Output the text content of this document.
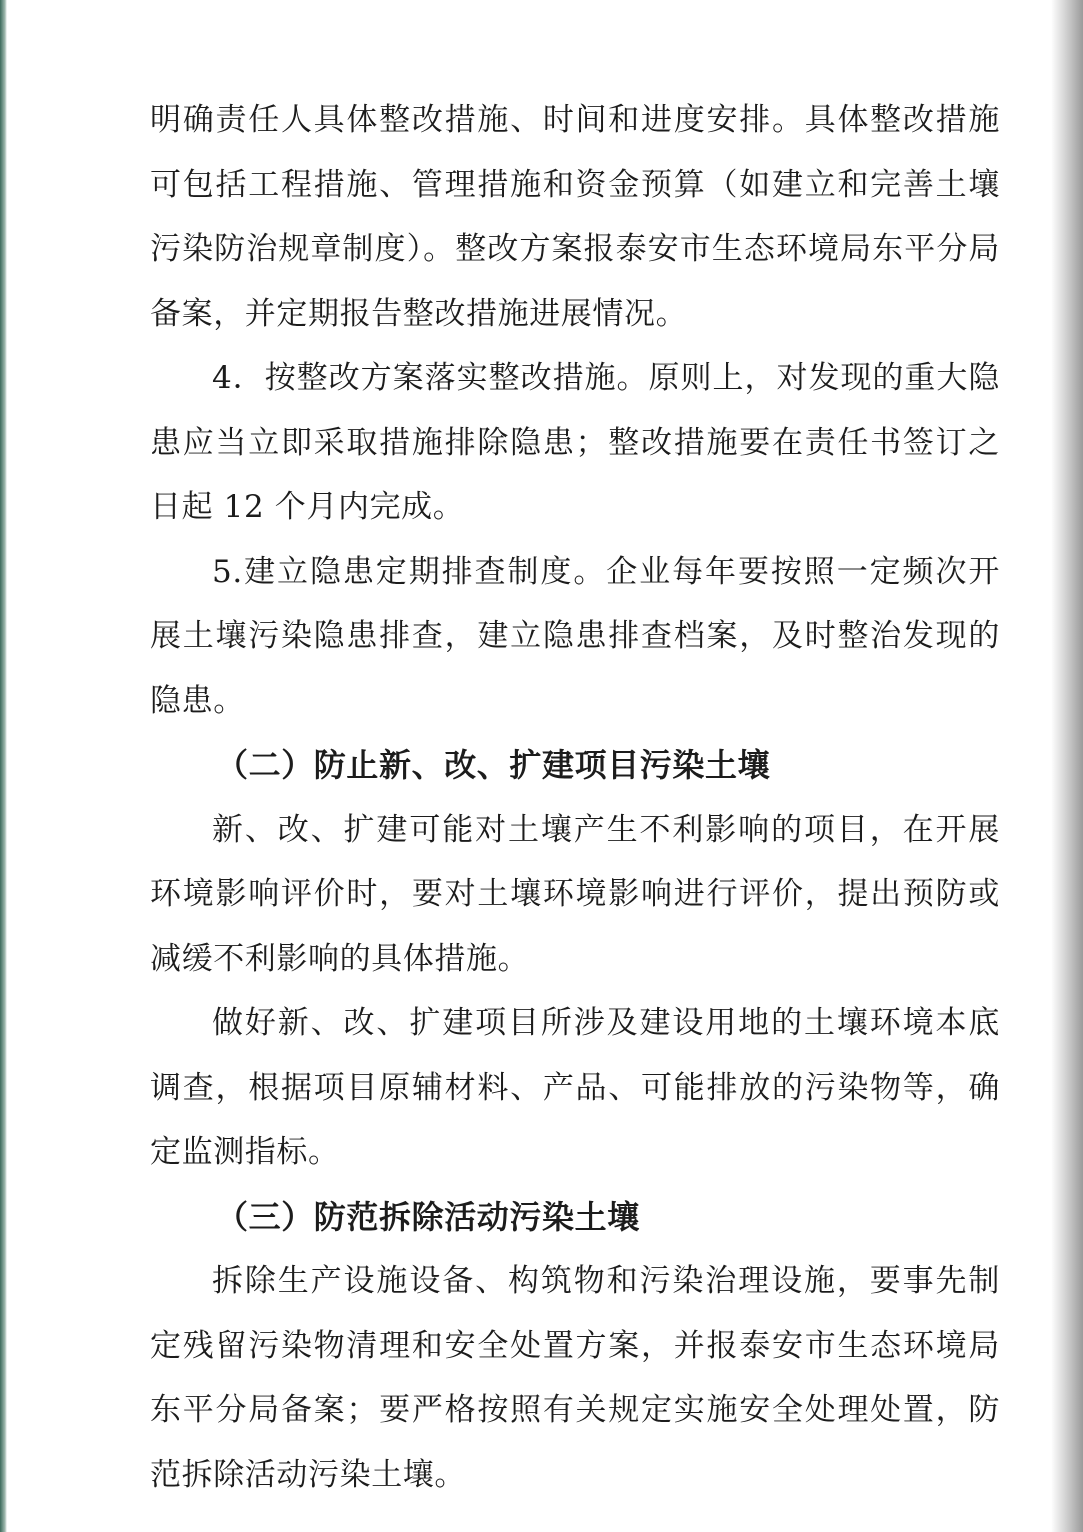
明确责任人具体整改措施、时间和进度安排。具体整改措施可包括工程措施、管理措施和资金预算（如建立和完善土壤污染防治规章制度）。整改方案报泰安市生态环境局东平分局备案，并定期报告整改措施进展情况。

4．按整改方案落实整改措施。原则上，对发现的重大隐患应当立即采取措施排除隐患；整改措施要在责任书签订之日起 12 个月内完成。

5.建立隐患定期排查制度。企业每年要按照一定频次开展土壤污染隐患排查，建立隐患排查档案，及时整治发现的隐患。

（二）防止新、改、扩建项目污染土壤

新、改、扩建可能对土壤产生不利影响的项目，在开展环境影响评价时，要对土壤环境影响进行评价，提出预防或减缓不利影响的具体措施。

做好新、改、扩建项目所涉及建设用地的土壤环境本底调查，根据项目原辅材料、产品、可能排放的污染物等，确定监测指标。

（三）防范拆除活动污染土壤

拆除生产设施设备、构筑物和污染治理设施，要事先制定残留污染物清理和安全处置方案，并报泰安市生态环境局东平分局备案；要严格按照有关规定实施安全处理处置，防范拆除活动污染土壤。
